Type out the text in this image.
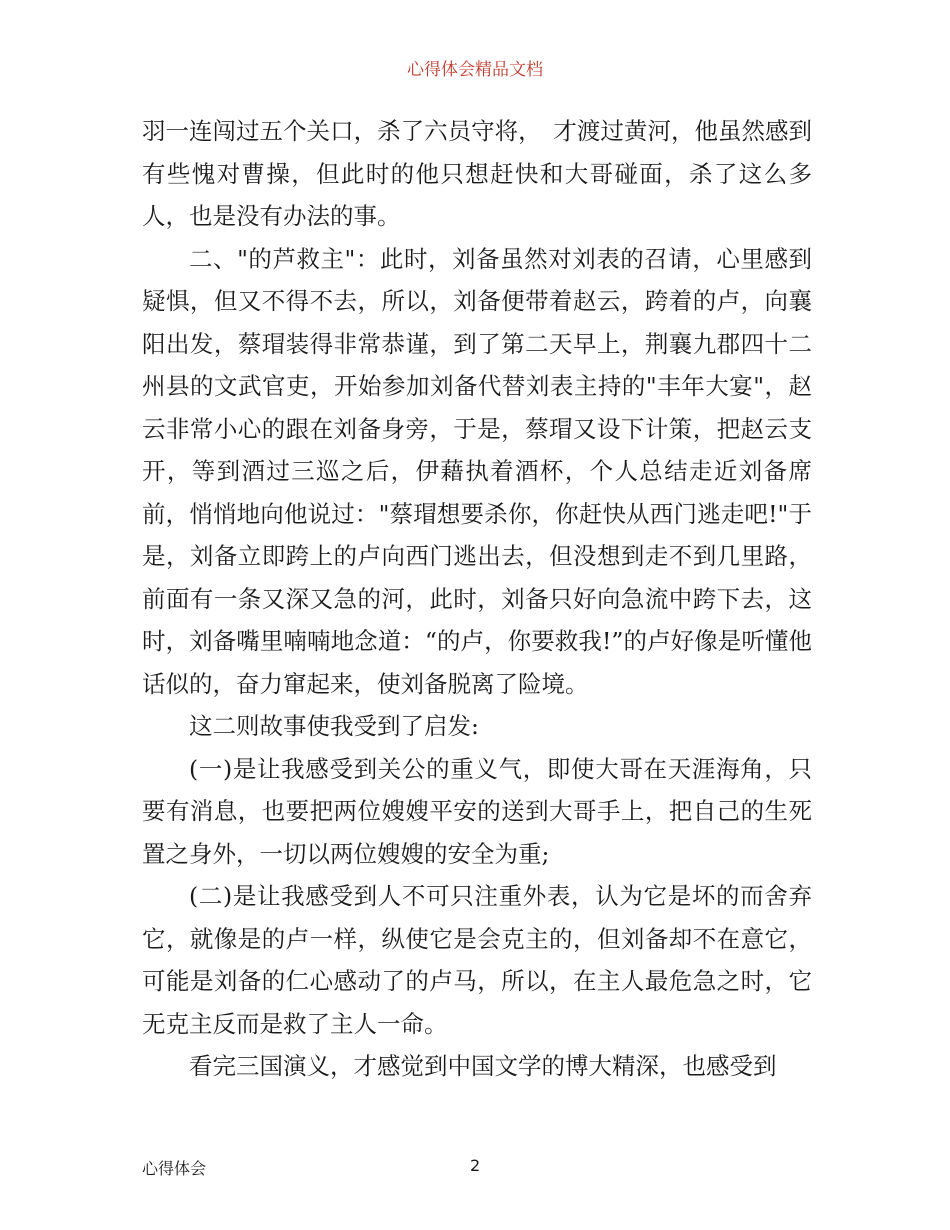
心得体会精品文档

羽一连闯过五个关口，杀了六员守将，　才渡过黄河，他虽然感到有些愧对曹操，但此时的他只想赶快和大哥碰面，杀了这么多人，也是没有办法的事。

二、"的芦救主"：此时，刘备虽然对刘表的召请，心里感到疑惧，但又不得不去，所以，刘备便带着赵云，跨着的卢，向襄阳出发，蔡瑁装得非常恭谨，到了第二天早上，荆襄九郡四十二州县的文武官吏，开始参加刘备代替刘表主持的"丰年大宴"，赵云非常小心的跟在刘备身旁，于是，蔡瑁又设下计策，把赵云支开，等到酒过三巡之后，伊藉执着酒杯，个人总结走近刘备席前，悄悄地向他说过："蔡瑁想要杀你，你赶快从西门逃走吧!"于是，刘备立即跨上的卢向西门逃出去，但没想到走不到几里路，前面有一条又深又急的河，此时，刘备只好向急流中跨下去，这时，刘备嘴里喃喃地念道：“的卢，你要救我!”的卢好像是听懂他话似的，奋力窜起来，使刘备脱离了险境。

这二则故事使我受到了启发:

(一)是让我感受到关公的重义气，即使大哥在天涯海角，只要有消息，也要把两位嫂嫂平安的送到大哥手上，把自己的生死置之身外，一切以两位嫂嫂的安全为重;

(二)是让我感受到人不可只注重外表，认为它是坏的而舍弃它，就像是的卢一样，纵使它是会克主的，但刘备却不在意它，可能是刘备的仁心感动了的卢马，所以，在主人最危急之时，它无克主反而是救了主人一命。

看完三国演义，才感觉到中国文学的博大精深，也感受到

心得体会	2
